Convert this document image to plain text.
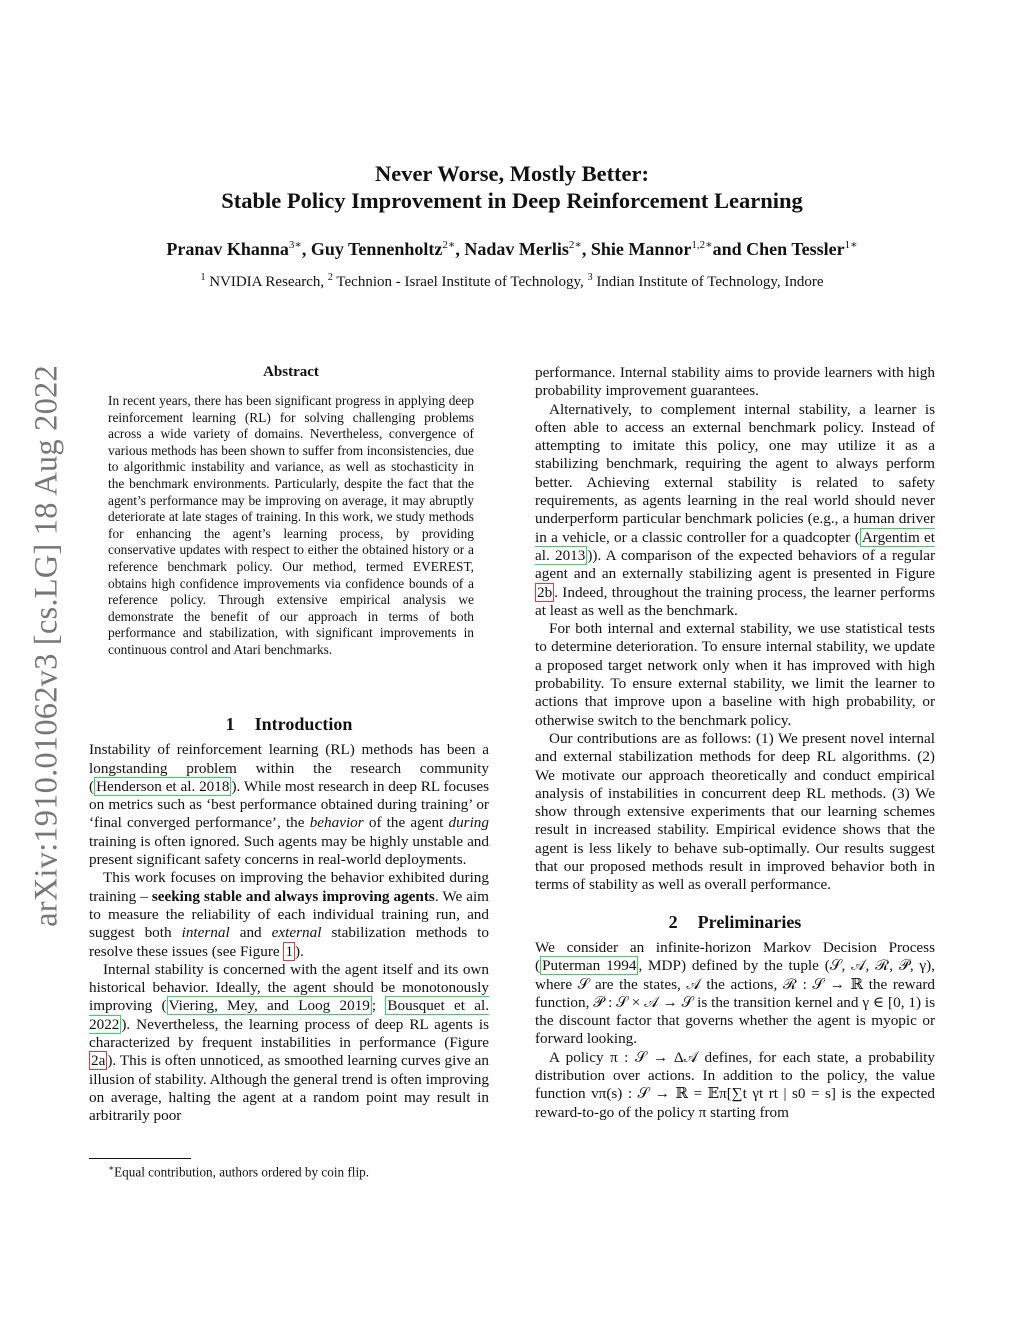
Never Worse, Mostly Better:
Stable Policy Improvement in Deep Reinforcement Learning
Pranav Khanna$^{3∗}$, Guy Tennenholtz$^{2∗}$, Nadav Merlis$^{2∗}$, Shie Mannor$^{1,2∗}$and Chen Tessler$^{1∗}$
$^1$ NVIDIA Research, $^2$ Technion - Israel Institute of Technology, $^3$ Indian Institute of Technology, Indore
arXiv:1910.01062v3 [cs.LG] 18 Aug 2022	Abstract

In recent years, there has been significant progress in applying deep reinforcement learning (RL) for solving challenging problems across a wide variety of domains. Nevertheless, convergence of various methods has been shown to suffer from inconsistencies, due to algorithmic instability and variance, as well as stochasticity in the benchmark environments. Particularly, despite the fact that the agent’s performance may be improving on average, it may abruptly deteriorate at late stages of training. In this work, we study methods for enhancing the agent’s learning process, by providing conservative updates with respect to either the obtained history or a reference benchmark policy. Our method, termed EVEREST, obtains high confidence improvements via confidence bounds of a reference policy. Through extensive empirical analysis we demonstrate the benefit of our approach in terms of both performance and stabilization, with significant improvements in continuous control and Atari benchmarks.

1 Introduction

Instability of reinforcement learning (RL) methods has been a longstanding problem within the research community ( Henderson et al. 2018 ). While most research in deep RL focuses on metrics such as ‘best performance obtained during training’ or ‘final converged performance’, the behavior of the agent during training is often ignored. Such agents may be highly unstable and present significant safety concerns in real-world deployments.

This work focuses on improving the behavior exhibited during training – seeking stable and always improving agents. We aim to measure the reliability of each individual training run, and suggest both internal and external stabilization methods to resolve these issues (see Figure 1 ).

Internal stability is concerned with the agent itself and its own historical behavior. Ideally, the agent should be monotonously improving ( Viering, Mey, and Loog 2019 ; Bousquet et al. 2022 ). Nevertheless, the learning process of deep RL agents is characterized by frequent instabilities in performance (Figure 2a ). This is often unnoticed, as smoothed learning curves give an illusion of stability. Although the general trend is often improving on average, halting the agent at a random point may result in arbitrarily poor

performance. Internal stability aims to provide learners with high probability improvement guarantees.

Alternatively, to complement internal stability, a learner is often able to access an external benchmark policy. Instead of attempting to imitate this policy, one may utilize it as a stabilizing benchmark, requiring the agent to always perform better. Achieving external stability is related to safety requirements, as agents learning in the real world should never underperform particular benchmark policies (e.g., a human driver in a vehicle, or a classic controller for a quadcopter ( Argentim et al. 2013 )). A comparison of the expected behaviors of a regular agent and an externally stabilizing agent is presented in Figure 2b . Indeed, throughout the training process, the learner performs at least as well as the benchmark.

For both internal and external stability, we use statistical tests to determine deterioration. To ensure internal stability, we update a proposed target network only when it has improved with high probability. To ensure external stability, we limit the learner to actions that improve upon a baseline with high probability, or otherwise switch to the benchmark policy.

Our contributions are as follows: (1) We present novel internal and external stabilization methods for deep RL algorithms. (2) We motivate our approach theoretically and conduct empirical analysis of instabilities in concurrent deep RL methods. (3) We show through extensive experiments that our learning schemes result in increased stability. Empirical evidence shows that the agent is less likely to behave sub-optimally. Our results suggest that our proposed methods result in improved behavior both in terms of stability as well as overall performance.

2 Preliminaries

We consider an infinite-horizon Markov Decision Process ( Puterman 1994 , MDP) defined by the tuple (𝒮, 𝒜, ℛ, 𝒫, γ), where 𝒮 are the states, 𝒜 the actions, ℛ : 𝒮 → ℝ the reward function, 𝒫 : 𝒮 × 𝒜 → 𝒮 is the transition kernel and γ ∈ [0, 1) is the discount factor that governs whether the agent is myopic or forward looking.

A policy π : 𝒮 → Δ𝒜 defines, for each state, a probability distribution over actions. In addition to the policy, the value function vπ(s) : 𝒮 → ℝ = 𝔼π[∑t γt rt | s0 = s] is the expected reward-to-go of the policy π starting from

∗Equal contribution, authors ordered by coin flip.
